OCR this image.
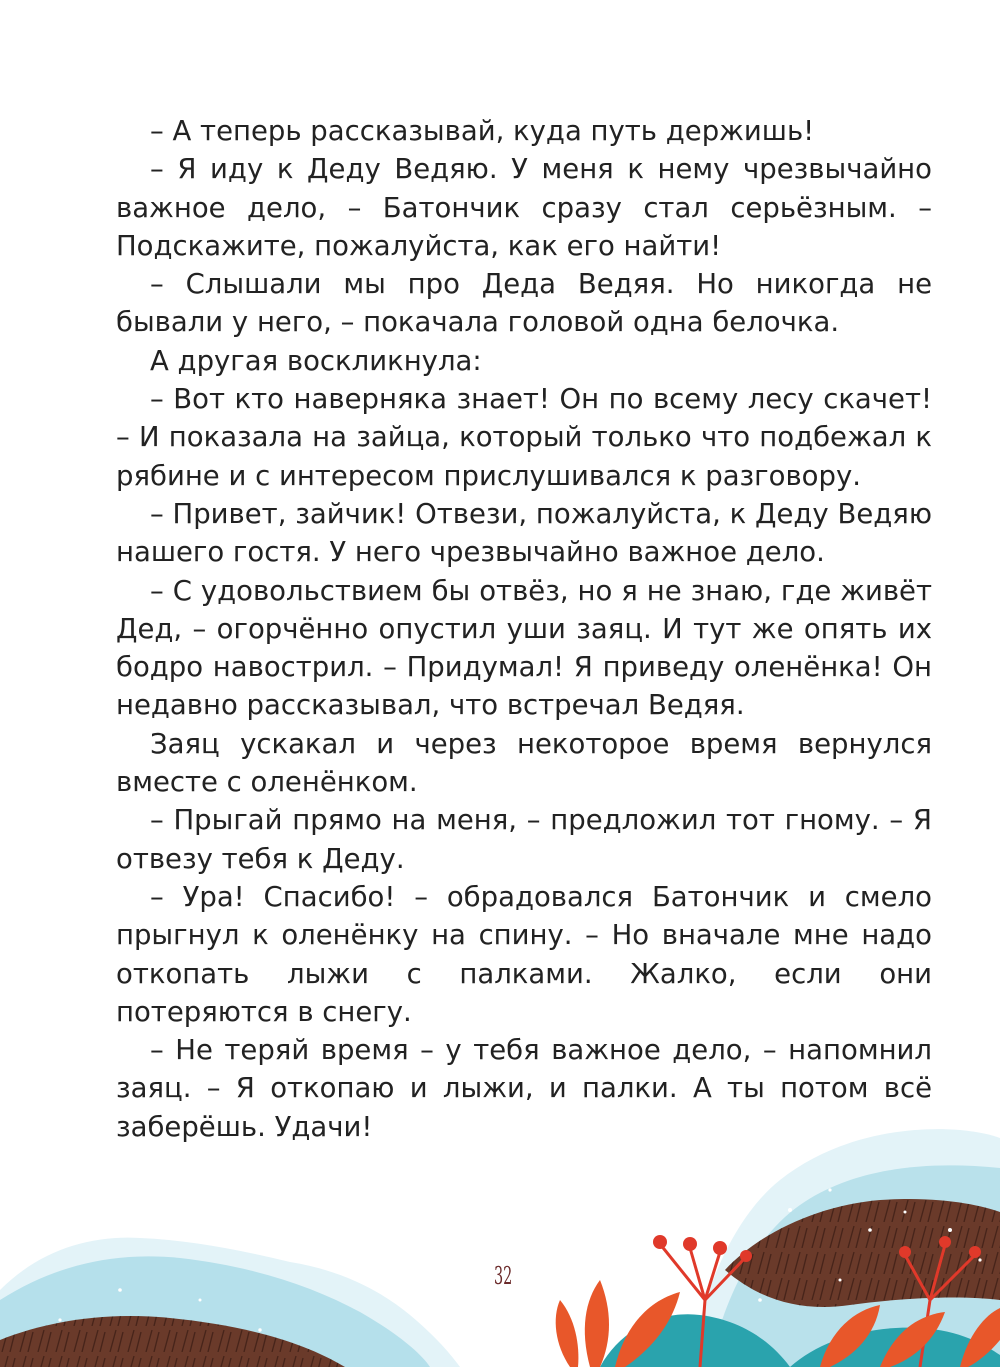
– А теперь рассказывай, куда путь держишь!

– Я иду к Деду Ведяю. У меня к нему чрезвычайно важное дело, – Батончик сразу стал серьёзным. – Подскажите, пожалуйста, как его найти!

– Слышали мы про Деда Ведяя. Но никогда не бывали у него, – покачала головой одна белочка.

А другая воскликнула:

– Вот кто наверняка знает! Он по всему лесу скачет! – И показала на зайца, который только что подбежал к рябине и с интересом прислушивался к разговору.

– Привет, зайчик! Отвези, пожалуйста, к Деду Ведяю нашего гостя. У него чрезвычайно важное дело.

– С удовольствием бы отвёз, но я не знаю, где живёт Дед, – огорчённо опустил уши заяц. И тут же опять их бодро навострил. – Придумал! Я приведу оленёнка! Он недавно рассказывал, что встречал Ведяя.

Заяц ускакал и через некоторое время вернулся вместе с оленёнком.

– Прыгай прямо на меня, – предложил тот гному. – Я отвезу тебя к Деду.

– Ура! Спасибо! – обрадовался Батончик и смело прыгнул к оленёнку на спину. – Но вначале мне надо откопать лыжи с палками. Жалко, если они потеряются в снегу.

– Не теряй время – у тебя важное дело, – напомнил заяц. – Я откопаю и лыжи, и палки. А ты потом всё заберёшь. Удачи!

32
